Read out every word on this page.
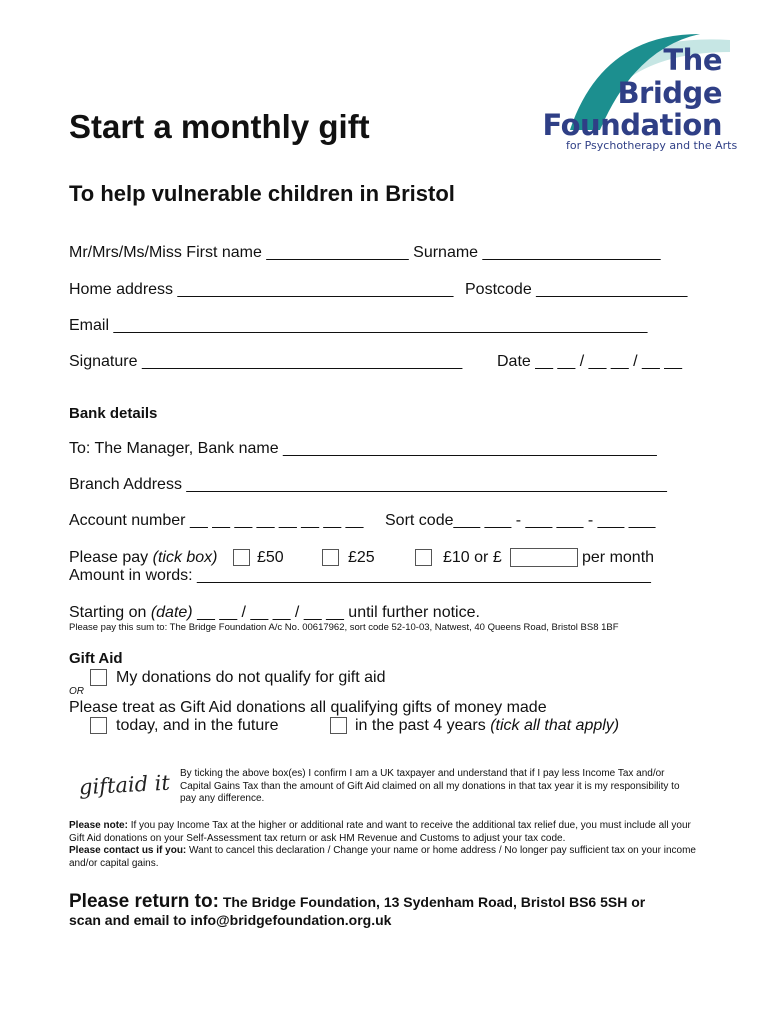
The
Bridge
Foundation
for Psychotherapy and the Arts
Start a monthly gift
To help vulnerable children in Bristol
Mr/Mrs/Ms/Miss First name ________________ Surname ____________________
Home address _______________________________ Postcode _________________
Email ____________________________________________________________
Signature ____________________________________ Date __ __ / __ __ / __ __
Bank details
To: The Manager, Bank name __________________________________________
Branch Address ______________________________________________________
Account number __ __ __ __ __ __ __ __ Sort code___ ___ - ___ ___ - ___ ___
Please pay (tick box) £50	£25	£10 or £	per month
Amount in words: ___________________________________________________
Starting on (date) __ __ / __ __ / __ __ until further notice.
Please pay this sum to: The Bridge Foundation A/c No. 00617962, sort code 52-10-03, Natwest, 40 Queens Road, Bristol BS8 1BF
Gift Aid
My donations do not qualify for gift aid
OR
Please treat as Gift Aid donations all qualifying gifts of money made
today, and in the future	in the past 4 years (tick all that apply)
giftaid it By ticking the above box(es) I confirm I am a UK taxpayer and understand that if I pay less Income Tax and/or Capital Gains Tax than the amount of Gift Aid claimed on all my donations in that tax year it is my responsibility to pay any difference.
Please note: If you pay Income Tax at the higher or additional rate and want to receive the additional tax relief due, you must include all your Gift Aid donations on your Self-Assessment tax return or ask HM Revenue and Customs to adjust your tax code.
Please contact us if you: Want to cancel this declaration / Change your name or home address / No longer pay sufficient tax on your income and/or capital gains.
Please return to: The Bridge Foundation, 13 Sydenham Road, Bristol BS6 5SH or
scan and email to info@bridgefoundation.org.uk
